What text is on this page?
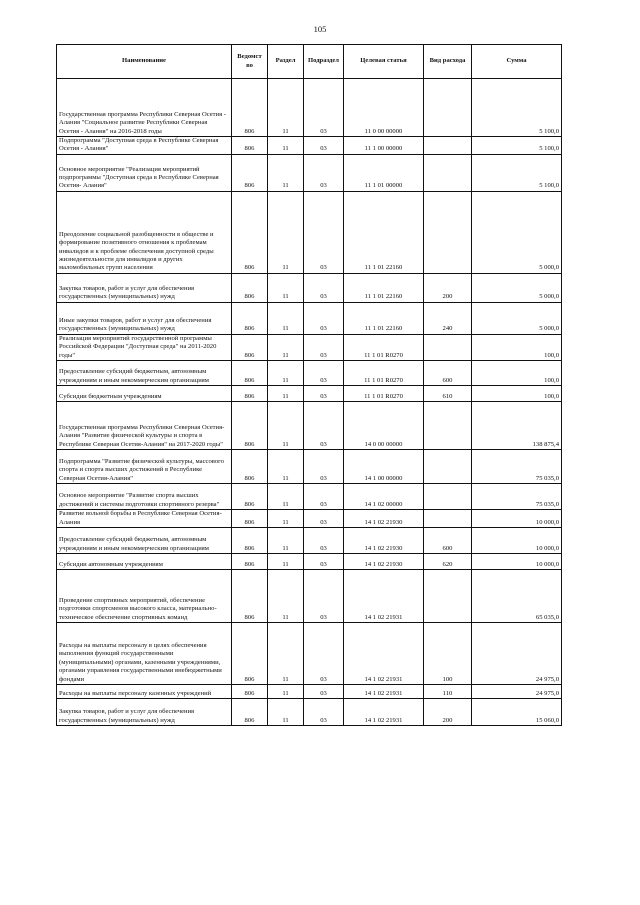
105
Наименование	Ведомст во	Раздел	Подраздел	Целевая статья	Вид расхода	Сумма
Государственная программа Республики Северная Осетия - Алания "Социальное развитие Республики Северная Осетия - Алания" на 2016-2018 годы	806	11	03	11 0 00 00000		5 100,0
Подпрограмма "Доступная среда в Республике Северная Осетия - Алания"	806	11	03	11 1 00 00000		5 100,0
Основное мероприятие "Реализация мероприятий подпрограммы "Доступная среда в Республике Северная Осетия- Алания"	806	11	03	11 1 01 00000		5 100,0
Преодоление социальной разобщенности в обществе и формирование позитивного отношения к проблемам инвалидов и к проблеме обеспечения доступной среды жизнедеятельности для инвалидов и других маломобильных групп населения	806	11	03	11 1 01 22160		5 000,0
Закупка товаров, работ и услуг для обеспечения государственных (муниципальных) нужд	806	11	03	11 1 01 22160	200	5 000,0
Иные закупки товаров, работ и услуг для обеспечения государственных (муниципальных) нужд	806	11	03	11 1 01 22160	240	5 000,0
Реализация мероприятий государственной программы Российской Федерации "Доступная среда" на 2011-2020 годы"	806	11	03	11 1 01 R0270		100,0
Предоставление субсидий бюджетным, автономным учреждениям и иным некоммерческим организациям	806	11	03	11 1 01 R0270	600	100,0
Субсидии бюджетным учреждениям	806	11	03	11 1 01 R0270	610	100,0
Государственная программа Республики Северная Осетия-Алания "Развитие физической культуры и спорта в Республике Северная Осетия-Алания" на 2017-2020 годы"	806	11	03	14 0 00 00000		138 875,4
Подпрограмма "Развитие физической культуры, массового спорта и спорта высших достижений в Республике Северная Осетия-Алания"	806	11	03	14 1 00 00000		75 035,0
Основное мероприятие "Развитие спорта высших достижений и системы подготовки спортивного резерва"	806	11	03	14 1 02 00000		75 035,0
Развитие вольной борьбы в Республике Северная Осетия-Алания	806	11	03	14 1 02 21930		10 000,0
Предоставление субсидий бюджетным, автономным учреждениям и иным некоммерческим организациям	806	11	03	14 1 02 21930	600	10 000,0
Субсидии автономным учреждениям	806	11	03	14 1 02 21930	620	10 000,0
Проведение спортивных мероприятий, обеспечение подготовки спортсменов высокого класса, материально-техническое обеспечение спортивных команд	806	11	03	14 1 02 21931		65 035,0
Расходы на выплаты персоналу в целях обеспечения выполнения функций государственными (муниципальными) органами, казенными учреждениями, органами управления государственными внебюджетными фондами	806	11	03	14 1 02 21931	100	24 975,0
Расходы на выплаты персоналу казенных учреждений	806	11	03	14 1 02 21931	110	24 975,0
Закупка товаров, работ и услуг для обеспечения государственных (муниципальных) нужд	806	11	03	14 1 02 21931	200	15 060,0
